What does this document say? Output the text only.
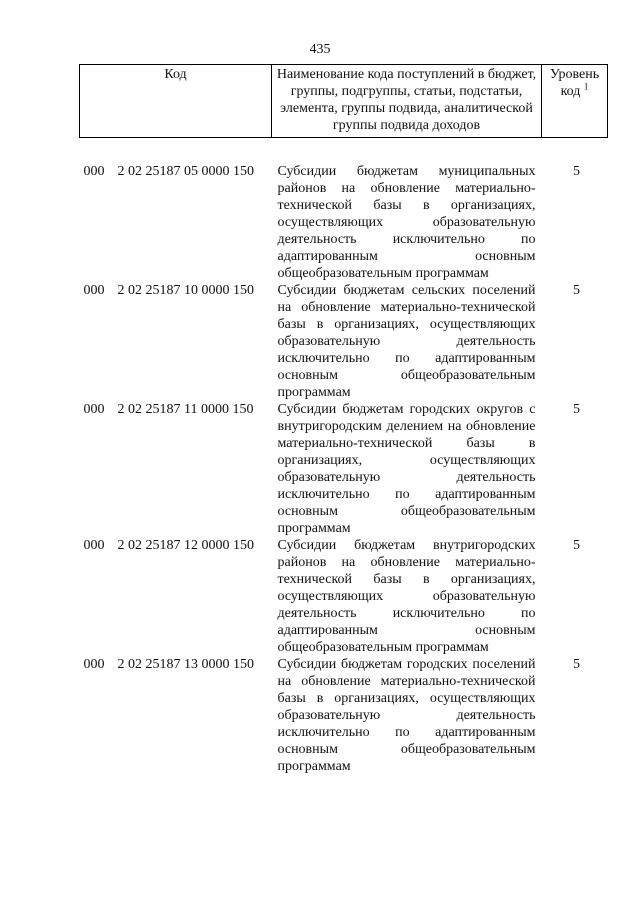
435
Код	Наименование кода поступлений в бюджет, группы, подгруппы, статьи, подстатьи, элемента, группы подвида, аналитической группы подвида доходов	Уровень код $^1$

000 2 02 25187 05 0000 150	Субсидии бюджетам муниципальных районов на обновление материально-технической базы в организациях, осуществляющих образовательную деятельность исключительно по адаптированным основным общеобразовательным программам	5
000 2 02 25187 10 0000 150	Субсидии бюджетам сельских поселений на обновление материально-технической базы в организациях, осуществляющих образовательную деятельность исключительно по адаптированным основным общеобразовательным программам	5
000 2 02 25187 11 0000 150	Субсидии бюджетам городских округов с внутригородским делением на обновление материально-технической базы в организациях, осуществляющих образовательную деятельность исключительно по адаптированным основным общеобразовательным программам	5
000 2 02 25187 12 0000 150	Субсидии бюджетам внутригородских районов на обновление материально-технической базы в организациях, осуществляющих образовательную деятельность исключительно по адаптированным основным общеобразовательным программам	5
000 2 02 25187 13 0000 150	Субсидии бюджетам городских поселений на обновление материально-технической базы в организациях, осуществляющих образовательную деятельность исключительно по адаптированным основным общеобразовательным программам	5
